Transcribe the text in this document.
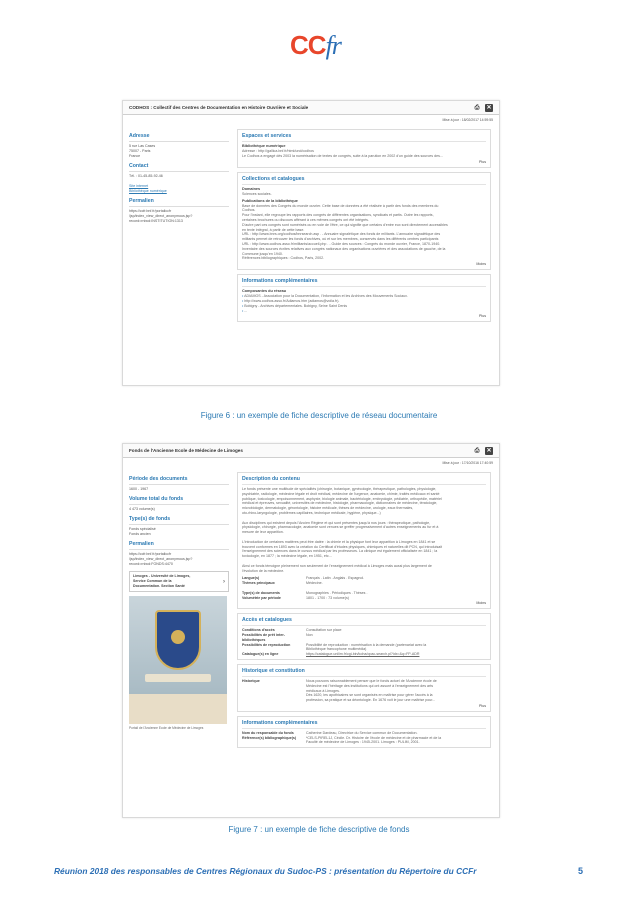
CCfr
CODHOS : Collectif des Centres de Documentation en Histoire Ouvrière et Sociale	⎙ ✕
Mise à jour : 18/02/2017 14:59:55
Adresse
5 rue Las Cases
75007 - Paris
France
Contact
Tél. : 01-45-85-92-46

Site internet
Bibliothèque numérique
Permalien
https://ccfr.bnf.fr/portailccfr
/jsp/index_view_direct_anonymous.jsp?
record=rnbcd:INSTITUTION:1313
Espaces et services
Bibliothèque numérique
Adresse : http://gallica.bnf.fr/html/und/codhos
Le Codhos a engagé dès 2003 la numérisation de textes de congrès, suite à la parution en 2002 d'un guide des sources des...
Plus
Collections et catalogues
Domaines
Sciences sociales.
Publications de la bibliothèque
Base de données des Congrès du monde ouvrier. Cette base de données a été réalisée à partir des fonds des membres du
Codhos.
Pour l'instant, elle regroupe les rapports des congrès de différentes organisations, syndicats et partis. Outre les rapports,
certaines brochures ou discours afférant à ces mêmes congrès ont été intégrés.
D'autre part ces congrès sont numérisés ou en voie de l'être, ce qui signifie que certains d'entre eux sont directement accessibles
en texte intégral, à partir de cette base.
URL : http://www.bnrs.org/codhos/bnrsearch.asp . - Annuaire signalétique des fonds de militants. L'annuaire signalétique des
militants permet de retrouver les fonds d'archives, où et sur les membres, conservés dans les différents centres participants
URL : http://www.codhos.asso.fr/militants/accueil.php . - Guide des sources : Congrès du monde ouvrier, France, 1870-1940.
Inventaire des sources écrites relatives aux congrès nationaux des organisations ouvrières et des associations de gauche, de la
Commune jusqu'en 1940.
Références bibliographiques : Codhos, Paris, 2002.
Moins
Informations complémentaires
Composantes du réseau
• ADIAMOS - Association pour la Documentation, l'Information et les Archives des Mouvements Sociaux.
• http://www.codhos.asso.fr/Adiamos.htm (adiamos@voila.fr).
• Bobigny - Archives départementales. Bobigny, Seine Saint Denis
• ...
Plus
Figure 6 : un exemple de fiche descriptive de réseau documentaire
Fonds de l'Ancienne Ecole de Médecine de Limoges	⎙ ✕
Mise à jour : 17/10/2016 17:40:59
Période des documents
1600 - 1967
Volume total du fonds
4 473 volume(s)
Type(s) de fonds
Fonds spécialisé
Fonds ancien
Permalien
https://ccfr.bnf.fr/portailccfr
/jsp/index_view_direct_anonymous.jsp?
record=rnbcd:FONDS:4470
Limoges - Université de Limoges,
Service Commun de la
Documentation. Section Santé
›
Portail de l'Ancienne Ecole de Médecine de Limoges
Description du contenu
Le fonds présente une multitude de spécialités (chirurgie, botanique, gynécologie, thérapeutique, pathologies, physiologie,
psychiatrie, radiologie, médecine légale et droit médical, médecine de l'urgence, anatomie, chimie, traités médicaux et santé
publique, toxicologie, empoisonnement, asphyxie, biologie animale, bactériologie, embryologie, pédiatrie, orthopédie, matériel
médical et épreuves, sexualité, universités de médecine, histologie, pharmacologie, dictionnaires de médecine, tératologie,
microbiologie, dermatologie, gérontologie, histoire médicale, thèses de médecine, urologie, eaux thermales,
oto-rhino-laryngologie, problèmes capillaires, technique médicale, hygiène, physique...)

Aux disciplines qui existent depuis l'Ancien Régime et qui sont présentes jusqu'à nos jours : thérapeutique, pathologie,
physiologie, chirurgie, pharmacologie, anatomie sont venues se greffer progressivement d'autres enseignements au fur et à
mesure de leur apparition.

L'introduction de certaines matières peut être datée : la chimie et la physique font leur apparition à Limoges en 1841 et se
trouvent conformes en 1893 avec la création du Certificat d'études physiques, chimiques et naturelles dit PCN, qui introduisait
l'enseignement des sciences dans le cursus médical par les professeurs. La clinique est également officialisée en 1841 ; la
toxicologie, en 1877 ; la médecine légale, en 1951, etc...

Ainsi ce fonds témoigne pleinement non seulement de l'enseignement médical à Limoges mais aussi plus largement de
l'évolution de la médecine.
Langue(s)	Français . Latin . Anglais . Espagnol.
Thèmes principaux	Médecine.

Type(s) de documents	Monographies . Périodiques . Thèses .
Volumétrie par période	1801 - 1700 : 73 volume(s)
Moins
Accès et catalogues
Conditions d'accès	Consultation sur place
Possibilités de prêt inter-	Non
bibliothèques
Possibilités de reproduction	Possibilité de reproduction : numérisation à la demande (partenariat avec la

Bibliothèque francophone multimédia)
Catalogue(s) en ligne	https://catalogue.unilim.fr/cgi-bin/koha/opac-search.pl?idx=&q=FP-ADR
Historique et constitution
Historique	Nous pouvons raisonnablement penser que le fonds actuel de l'Ancienne école de
Médecine est l'héritage des institutions qui ont assuré à l'enseignement des arts
médicaux à Limoges.
Dès 1620, les apothicaires se sont organisés en maîtrise pour gérer l'accès à la
profession, sa pratique et sa déontologie. En 1676 voit le jour une maîtrise pour...
Plus
Informations complémentaires
Nom du responsable du fonds	Catherine Dardeau, Directrice du Service commun de Documentation.
Référence(s) bibliographique(s)	*CELS-PIREL1J, Cécile. Dr. Histoire de l'école de médecine et de pharmacie et de la

Faculté de médecine de Limoges : 1945-2001. Limoges : PULIM, 2001.
Figure 7 : un exemple de fiche descriptive de fonds
Réunion 2018 des responsables de Centres Régionaux du Sudoc-PS : présentation du Répertoire du CCFr	5
